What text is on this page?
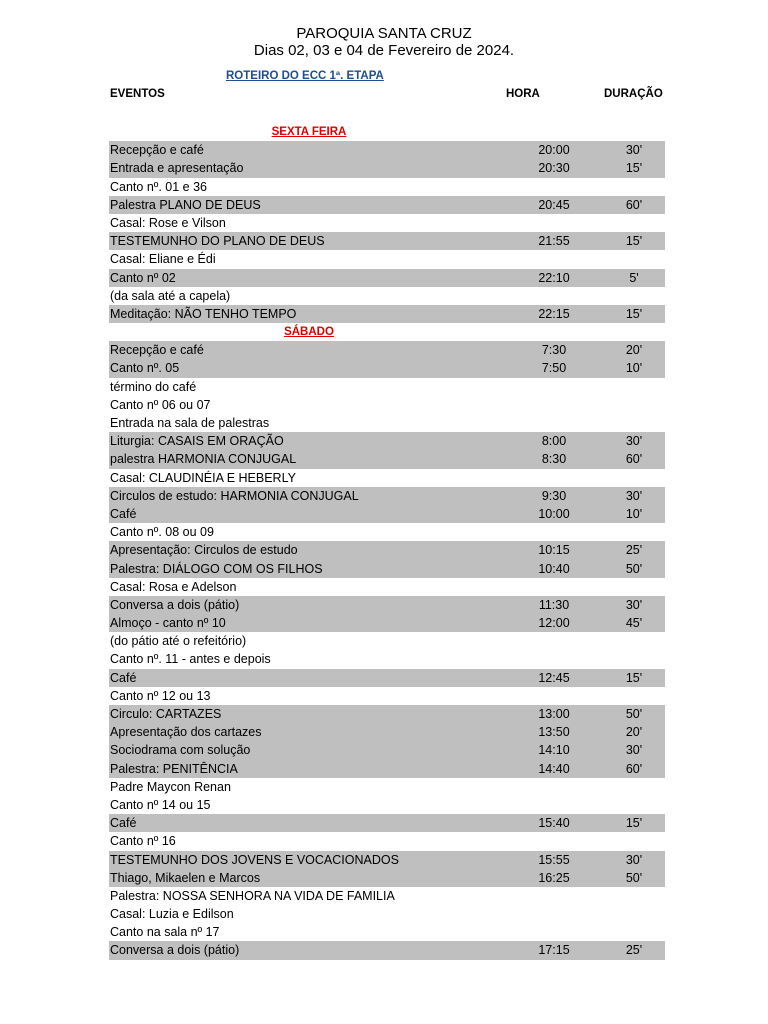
PAROQUIA SANTA CRUZ
Dias 02, 03 e 04 de Fevereiro de 2024.
ROTEIRO DO ECC 1ª. ETAPA
EVENTOS	HORA	DURAÇÃO
SEXTA FEIRA
Recepção e café	20:00	30'
Entrada e apresentação	20:30	15'
Canto nº. 01 e 36
Palestra PLANO DE DEUS	20:45	60'
Casal: Rose e Vilson
TESTEMUNHO DO PLANO DE DEUS	21:55	15'
Casal: Eliane e Édi
Canto nº 02	22:10	5'
(da sala até a capela)
Meditação: NÃO TENHO TEMPO	22:15	15'
SÁBADO
Recepção e café	7:30	20'
Canto nº. 05	7:50	10'
término do café
Canto nº 06 ou 07
Entrada na sala de palestras
Liturgia: CASAIS EM ORAÇÃO	8:00	30'
palestra HARMONIA CONJUGAL	8:30	60'
Casal: CLAUDINÉIA E HEBERLY
Circulos de estudo: HARMONIA CONJUGAL	9:30	30'
Café	10:00	10'
Canto nº. 08 ou 09
Apresentação: Circulos de estudo	10:15	25'
Palestra: DIÁLOGO COM OS FILHOS	10:40	50'
Casal: Rosa e Adelson
Conversa a dois (pátio)	11:30	30'
Almoço - canto nº 10	12:00	45'
(do pátio até o refeitório)
Canto nº. 11 - antes e depois
Café	12:45	15'
Canto nº 12 ou 13
Circulo: CARTAZES	13:00	50'
Apresentação dos cartazes	13:50	20'
Sociodrama com solução	14:10	30'
Palestra: PENITÊNCIA	14:40	60'
Padre Maycon Renan
Canto nº 14 ou 15
Café	15:40	15'
Canto nº 16
TESTEMUNHO DOS JOVENS E VOCACIONADOS	15:55	30'
Thiago, Mikaelen e Marcos	16:25	50'
Palestra: NOSSA SENHORA NA VIDA DE FAMILIA
Casal: Luzia e Edilson
Canto na sala nº 17
Conversa a dois (pátio)	17:15	25'
